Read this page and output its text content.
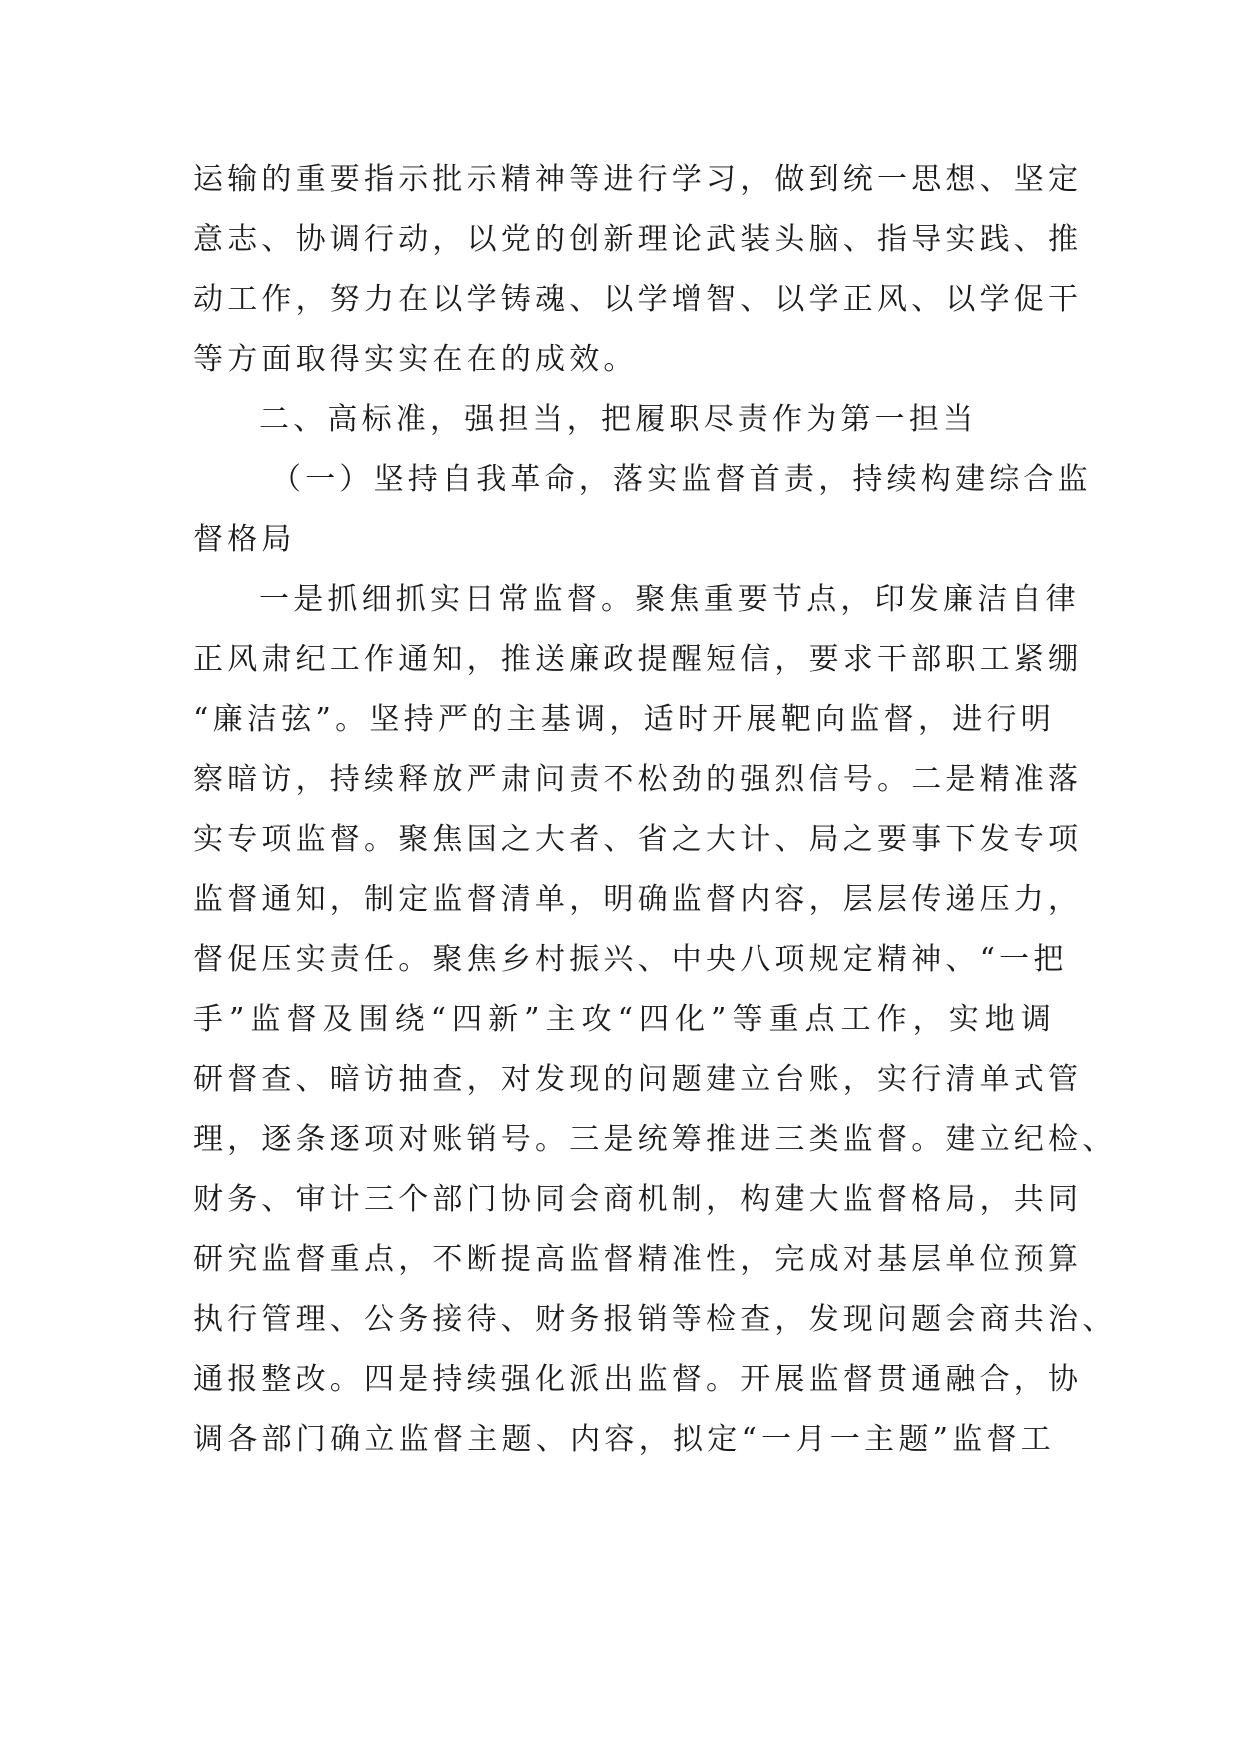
运输的重要指示批示精神等进行学习，做到统一思想、坚定
意志、协调行动，以党的创新理论武装头脑、指导实践、推
动工作，努力在以学铸魂、以学增智、以学正风、以学促干
等方面取得实实在在的成效。
二、高标准，强担当，把履职尽责作为第一担当
（一）坚持自我革命，落实监督首责，持续构建综合监
督格局
一是抓细抓实日常监督。聚焦重要节点，印发廉洁自律
正风肃纪工作通知，推送廉政提醒短信，要求干部职工紧绷
“廉洁弦”。坚持严的主基调，适时开展靶向监督，进行明
察暗访，持续释放严肃问责不松劲的强烈信号。二是精准落
实专项监督。聚焦国之大者、省之大计、局之要事下发专项
监督通知，制定监督清单，明确监督内容，层层传递压力，
督促压实责任。聚焦乡村振兴、中央八项规定精神、“一把
手”监督及围绕“四新”主攻“四化”等重点工作，实地调
研督查、暗访抽查，对发现的问题建立台账，实行清单式管
理，逐条逐项对账销号。三是统筹推进三类监督。建立纪检、
财务、审计三个部门协同会商机制，构建大监督格局，共同
研究监督重点，不断提高监督精准性，完成对基层单位预算
执行管理、公务接待、财务报销等检查，发现问题会商共治、
通报整改。四是持续强化派出监督。开展监督贯通融合，协
调各部门确立监督主题、内容，拟定“一月一主题”监督工
